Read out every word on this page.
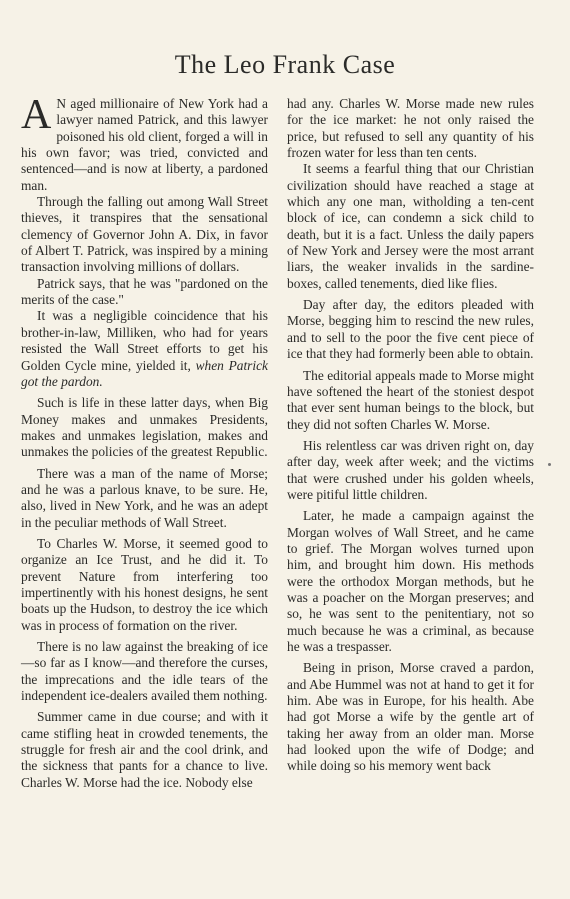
The Leo Frank Case

A N aged millionaire of New York had a lawyer named Patrick, and this lawyer poisoned his old client, forged a will in his own favor; was tried, convicted and sentenced—and is now at liberty, a pardoned man.

Through the falling out among Wall Street thieves, it transpires that the sensational clemency of Governor John A. Dix, in favor of Albert T. Patrick, was inspired by a mining transaction involving millions of dollars.

Patrick says, that he was "pardoned on the merits of the case."

It was a negligible coincidence that his brother-in-law, Milliken, who had for years resisted the Wall Street efforts to get his Golden Cycle mine, yielded it, when Patrick got the pardon.

Such is life in these latter days, when Big Money makes and unmakes Presidents, makes and unmakes legislation, makes and unmakes the policies of the greatest Republic.

There was a man of the name of Morse; and he was a parlous knave, to be sure. He, also, lived in New York, and he was an adept in the peculiar methods of Wall Street.

To Charles W. Morse, it seemed good to organize an Ice Trust, and he did it. To prevent Nature from interfering too impertinently with his honest designs, he sent boats up the Hudson, to destroy the ice which was in process of formation on the river.

There is no law against the breaking of ice—so far as I know—and therefore the curses, the imprecations and the idle tears of the independent ice-dealers availed them nothing.

Summer came in due course; and with it came stifling heat in crowded tenements, the struggle for fresh air and the cool drink, and the sickness that pants for a chance to live. Charles W. Morse had the ice. Nobody else

had any. Charles W. Morse made new rules for the ice market: he not only raised the price, but refused to sell any quantity of his frozen water for less than ten cents.

It seems a fearful thing that our Christian civilization should have reached a stage at which any one man, witholding a ten-cent block of ice, can condemn a sick child to death, but it is a fact. Unless the daily papers of New York and Jersey were the most arrant liars, the weaker invalids in the sardine-boxes, called tenements, died like flies.

Day after day, the editors pleaded with Morse, begging him to rescind the new rules, and to sell to the poor the five cent piece of ice that they had formerly been able to obtain.

The editorial appeals made to Morse might have softened the heart of the stoniest despot that ever sent human beings to the block, but they did not soften Charles W. Morse.

His relentless car was driven right on, day after day, week after week; and the victims that were crushed under his golden wheels, were pitiful little children.

Later, he made a campaign against the Morgan wolves of Wall Street, and he came to grief. The Morgan wolves turned upon him, and brought him down. His methods were the orthodox Morgan methods, but he was a poacher on the Morgan preserves; and so, he was sent to the penitentiary, not so much because he was a criminal, as because he was a trespasser.

Being in prison, Morse craved a pardon, and Abe Hummel was not at hand to get it for him. Abe was in Europe, for his health. Abe had got Morse a wife by the gentle art of taking her away from an older man. Morse had looked upon the wife of Dodge; and while doing so his memory went back
